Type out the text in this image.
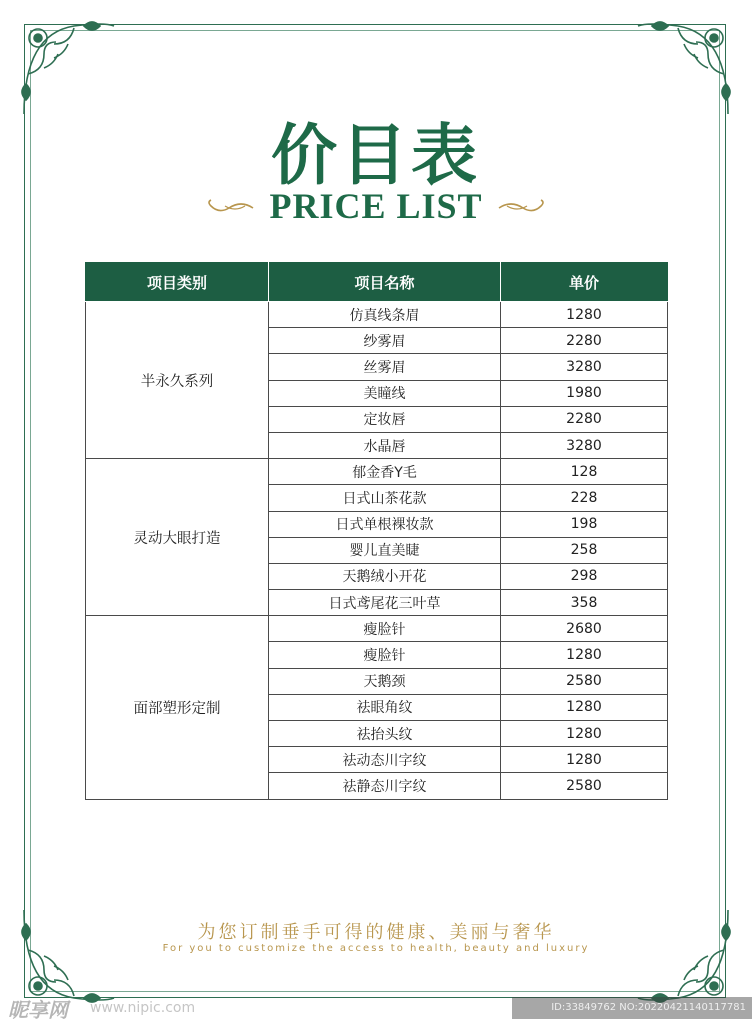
价目表
PRICE LIST
项目类别	项目名称	单价
半永久系列	仿真线条眉	1280
	纱雾眉	2280
	丝雾眉	3280
	美瞳线	1980
	定妆唇	2280
	水晶唇	3280
灵动大眼打造	郁金香Y毛	128
	日式山茶花款	228
	日式单根裸妆款	198
	婴儿直美睫	258
	天鹅绒小开花	298
	日式鸢尾花三叶草	358
面部塑形定制	瘦脸针	2680
	瘦脸针	1280
	天鹅颈	2580
	祛眼角纹	1280
	祛抬头纹	1280
	祛动态川字纹	1280
	祛静态川字纹	2580
为您订制垂手可得的健康、美丽与奢华
For you to customize the access to health, beauty and luxury
昵享网 www.nipic.com	ID:33849762 NO:20220421140117781
